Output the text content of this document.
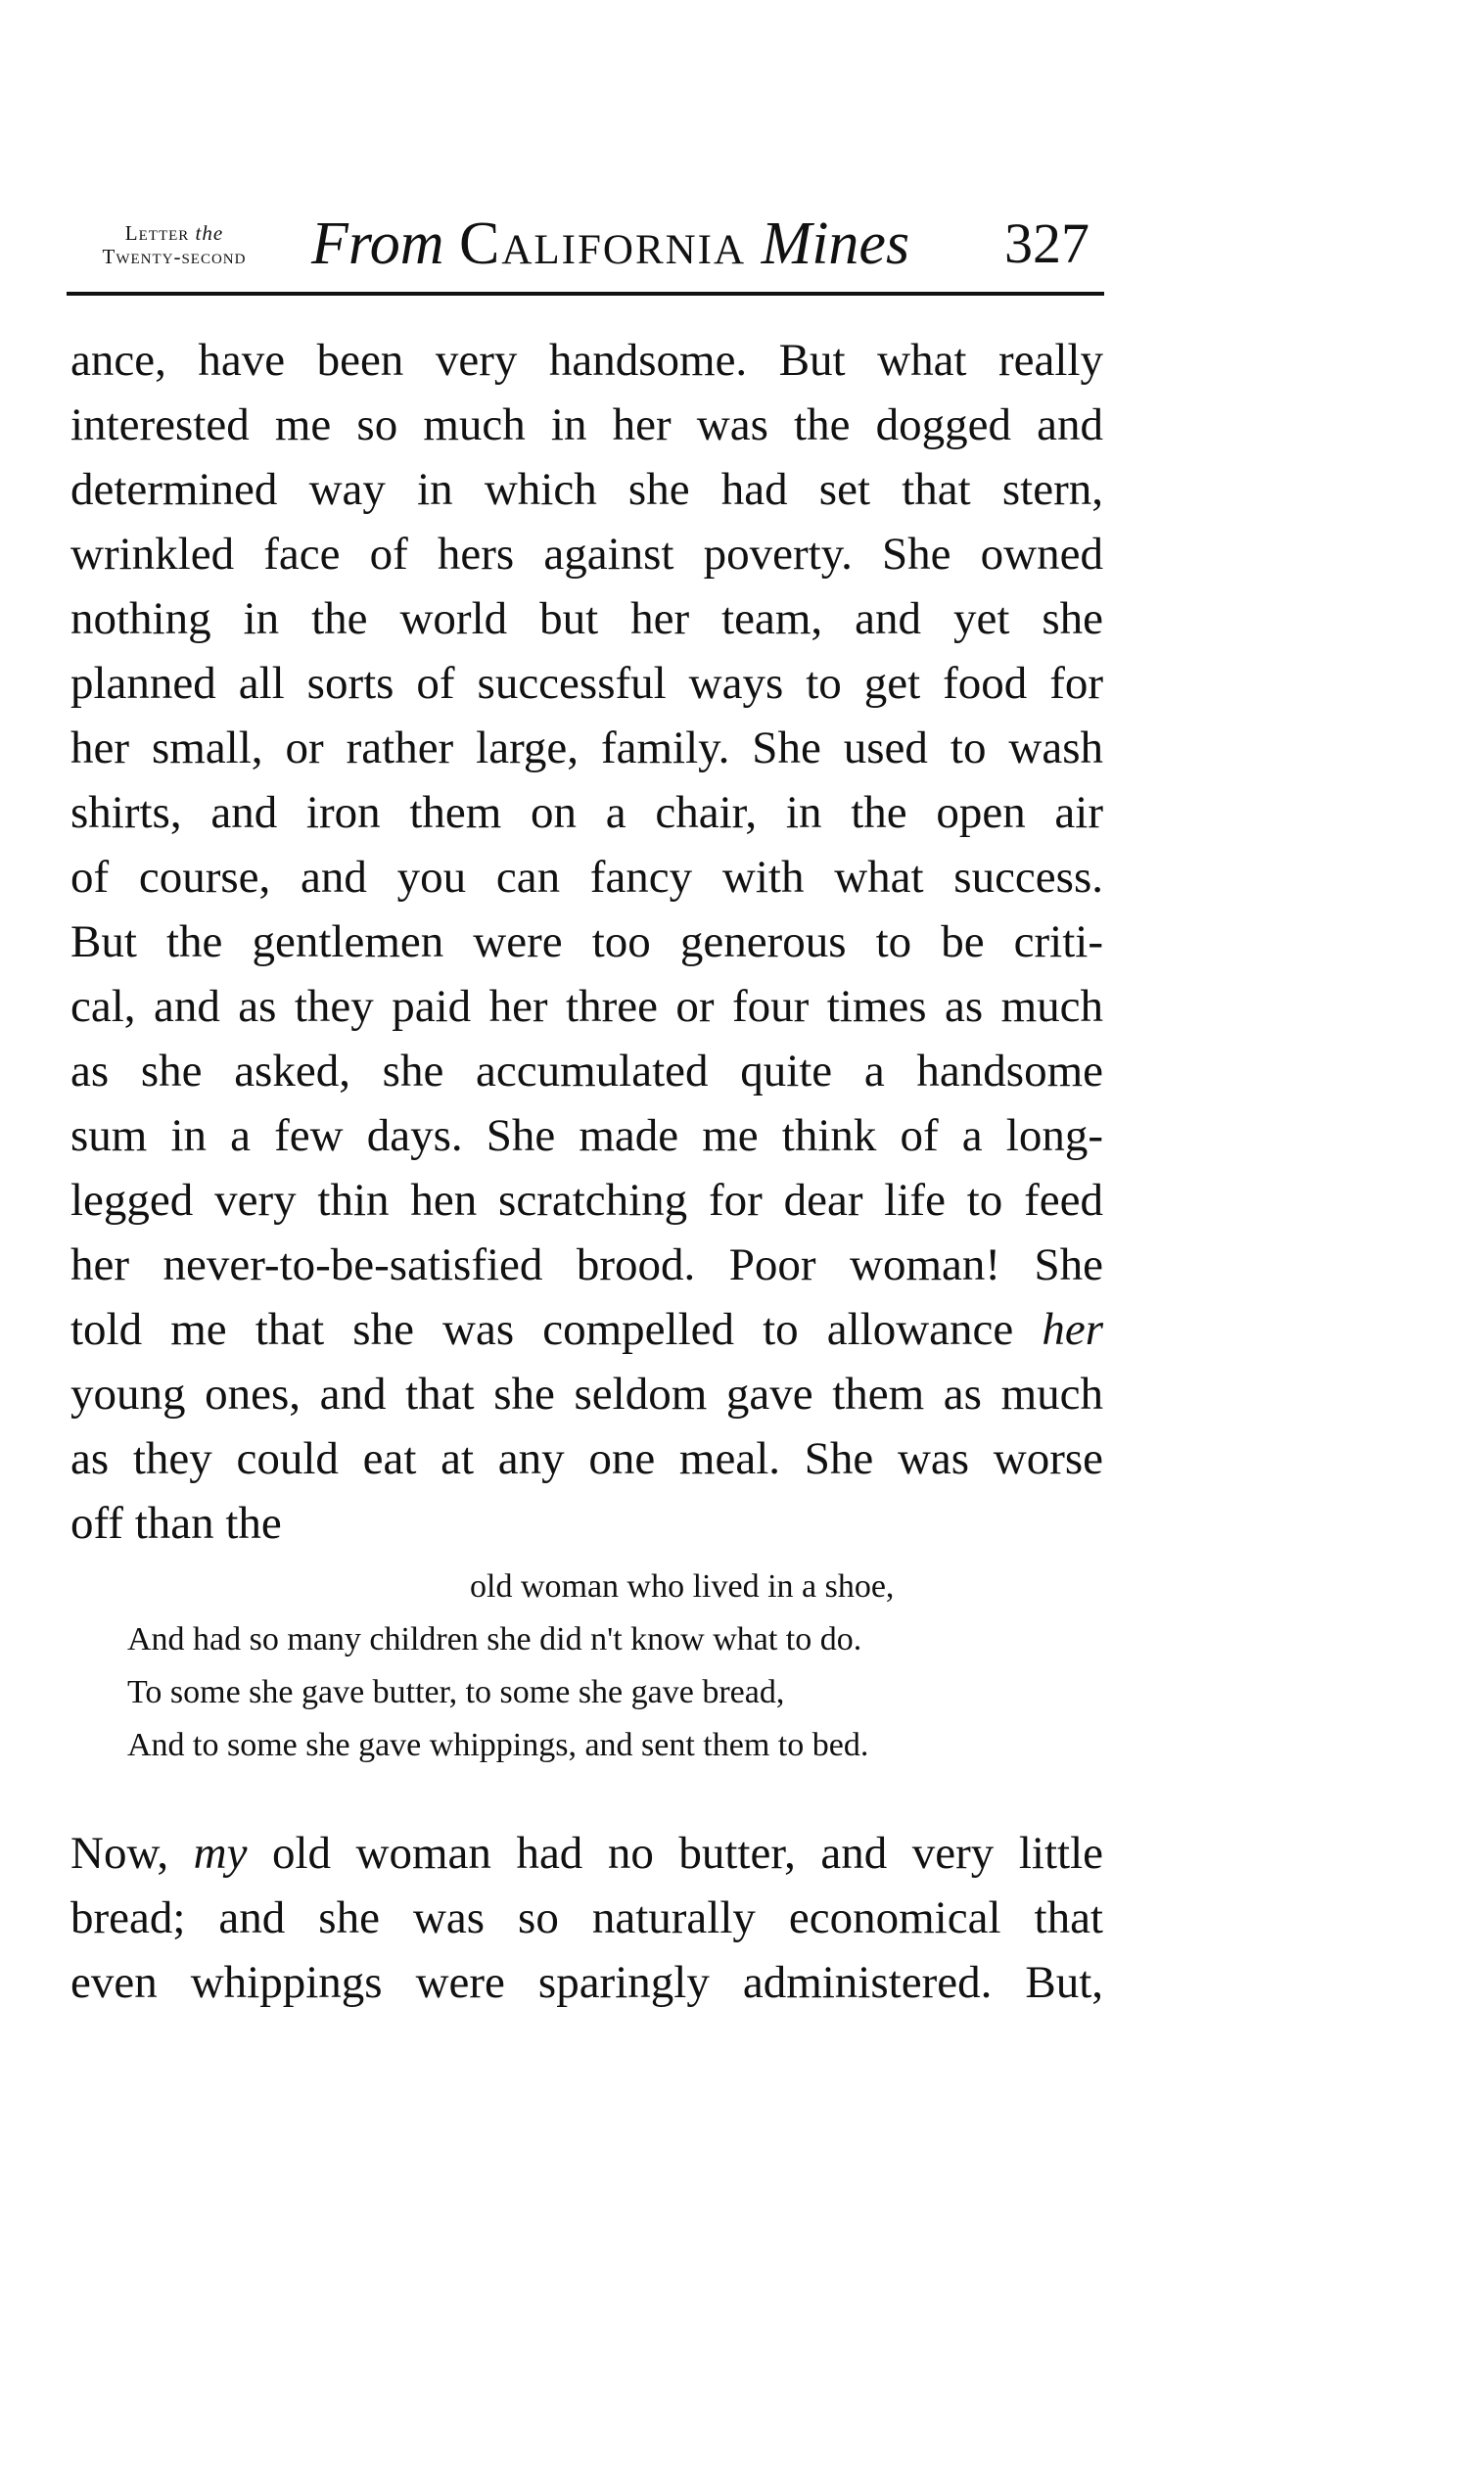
Letter the
Twenty-second	From California Mines 327
ance, have been very handsome. But what really
interested me so much in her was the dogged and
determined way in which she had set that stern,
wrinkled face of hers against poverty. She owned
nothing in the world but her team, and yet she
planned all sorts of successful ways to get food for
her small, or rather large, family. She used to wash
shirts, and iron them on a chair, in the open air
of course, and you can fancy with what success.
But the gentlemen were too generous to be criti-
cal, and as they paid her three or four times as much
as she asked, she accumulated quite a handsome
sum in a few days. She made me think of a long-
legged very thin hen scratching for dear life to feed
her never-to-be-satisfied brood. Poor woman! She
told me that she was compelled to allowance her
young ones, and that she seldom gave them as much
as they could eat at any one meal. She was worse
off than the
old woman who lived in a shoe,
And had so many children she did n't know what to do.
To some she gave butter, to some she gave bread,
And to some she gave whippings, and sent them to bed.
Now, my old woman had no butter, and very little
bread; and she was so naturally economical that
even whippings were sparingly administered. But,
